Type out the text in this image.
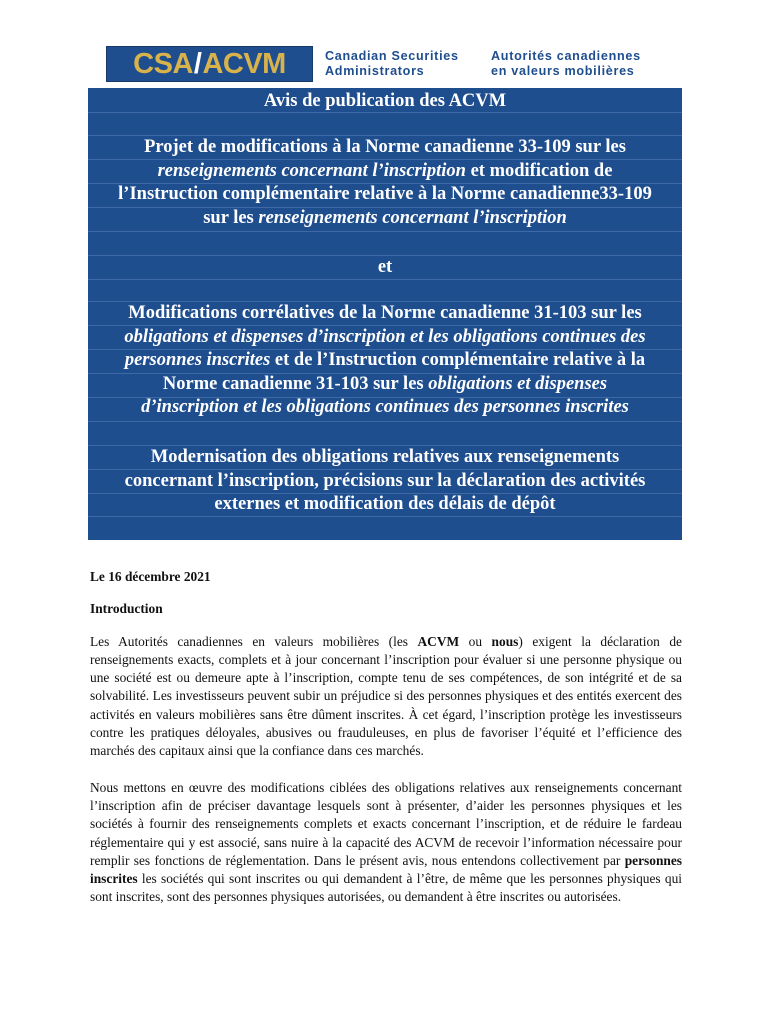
CSA / ACVM	Canadian Securities
Administrators
Autorités canadiennes
en valeurs mobilières

Avis de publication des ACVM

Projet de modifications à la Norme canadienne 33-109 sur les

renseignements concernant l’inscription et modification de

l’Instruction complémentaire relative à la Norme canadienne33-109

sur les renseignements concernant l’inscription

et

Modifications corrélatives de la Norme canadienne 31-103 sur les

obligations et dispenses d’inscription et les obligations continues des

personnes inscrites et de l’Instruction complémentaire relative à la

Norme canadienne 31-103 sur les obligations et dispenses

d’inscription et les obligations continues des personnes inscrites

Modernisation des obligations relatives aux renseignements

concernant l’inscription, précisions sur la déclaration des activités

externes et modification des délais de dépôt

Le 16 décembre 2021

Introduction

Les Autorités canadiennes en valeurs mobilières (les ACVM ou nous) exigent la déclaration de renseignements exacts, complets et à jour concernant l’inscription pour évaluer si une personne physique ou une société est ou demeure apte à l’inscription, compte tenu de ses compétences, de son intégrité et de sa solvabilité. Les investisseurs peuvent subir un préjudice si des personnes physiques et des entités exercent des activités en valeurs mobilières sans être dûment inscrites. À cet égard, l’inscription protège les investisseurs contre les pratiques déloyales, abusives ou frauduleuses, en plus de favoriser l’équité et l’efficience des marchés des capitaux ainsi que la confiance dans ces marchés.

Nous mettons en œuvre des modifications ciblées des obligations relatives aux renseignements concernant l’inscription afin de préciser davantage lesquels sont à présenter, d’aider les personnes physiques et les sociétés à fournir des renseignements complets et exacts concernant l’inscription, et de réduire le fardeau réglementaire qui y est associé, sans nuire à la capacité des ACVM de recevoir l’information nécessaire pour remplir ses fonctions de réglementation. Dans le présent avis, nous entendons collectivement par personnes inscrites les sociétés qui sont inscrites ou qui demandent à l’être, de même que les personnes physiques qui sont inscrites, sont des personnes physiques autorisées, ou demandent à être inscrites ou autorisées.
